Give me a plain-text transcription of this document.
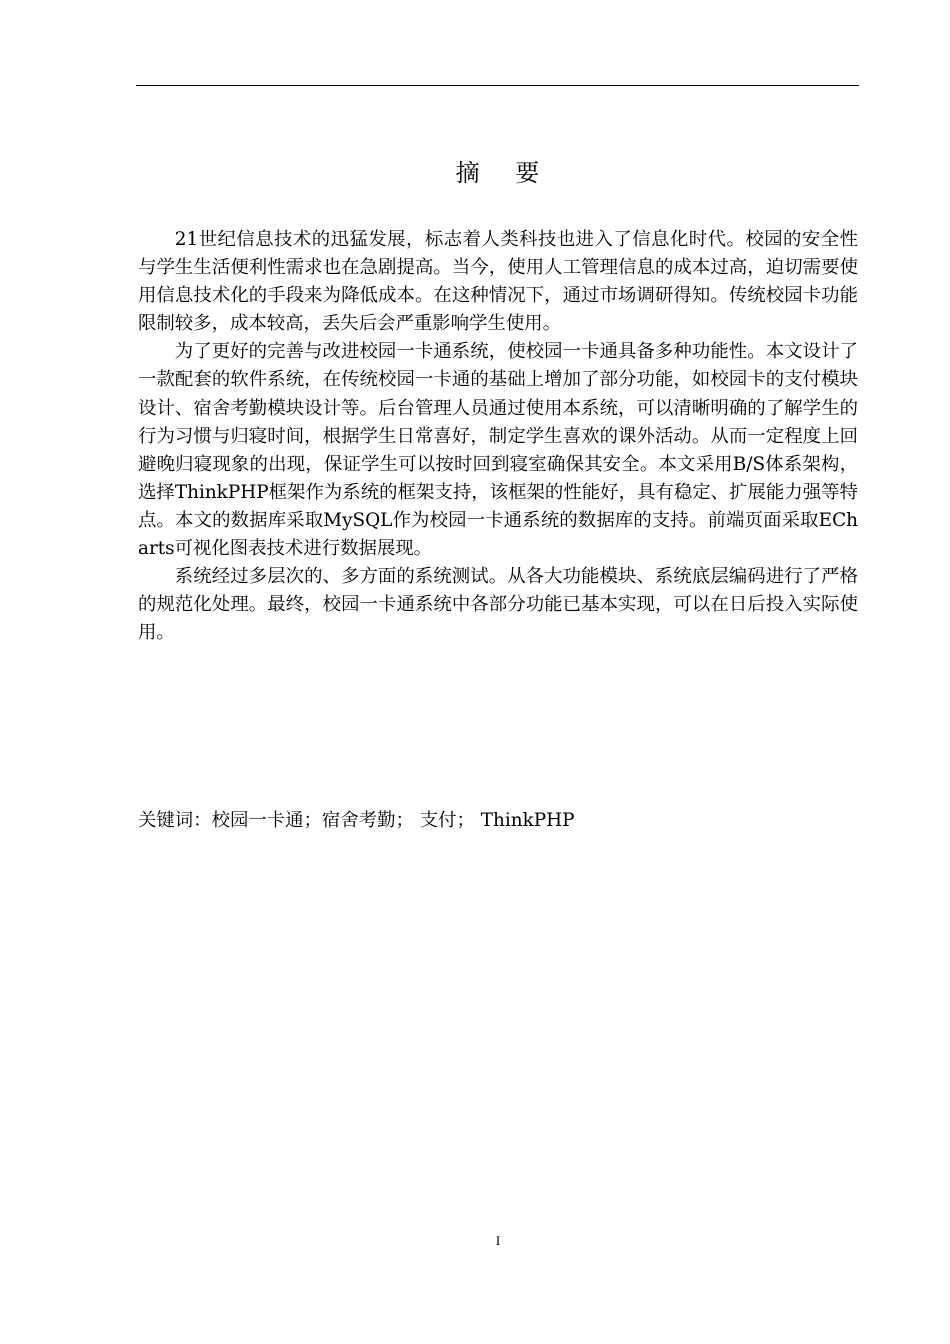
摘 要

21世纪信息技术的迅猛发展，标志着人类科技也进入了信息化时代。校园的安全性与学生生活便利性需求也在急剧提高。当今，使用人工管理信息的成本过高，迫切需要使用信息技术化的手段来为降低成本。在这种情况下，通过市场调研得知。传统校园卡功能限制较多，成本较高，丢失后会严重影响学生使用。

为了更好的完善与改进校园一卡通系统，使校园一卡通具备多种功能性。本文设计了一款配套的软件系统，在传统校园一卡通的基础上增加了部分功能，如校园卡的支付模块设计、宿舍考勤模块设计等。后台管理人员通过使用本系统，可以清晰明确的了解学生的行为习惯与归寝时间，根据学生日常喜好，制定学生喜欢的课外活动。从而一定程度上回避晚归寝现象的出现，保证学生可以按时回到寝室确保其安全。本文采用B/S体系架构，选择ThinkPHP框架作为系统的框架支持，该框架的性能好，具有稳定、扩展能力强等特点。本文的数据库采取MySQL作为校园一卡通系统的数据库的支持。前端页面采取ECharts可视化图表技术进行数据展现。

系统经过多层次的、多方面的系统测试。从各大功能模块、系统底层编码进行了严格的规范化处理。最终，校园一卡通系统中各部分功能已基本实现，可以在日后投入实际使用。

关键词：校园一卡通；宿舍考勤； 支付； ThinkPHP
I
